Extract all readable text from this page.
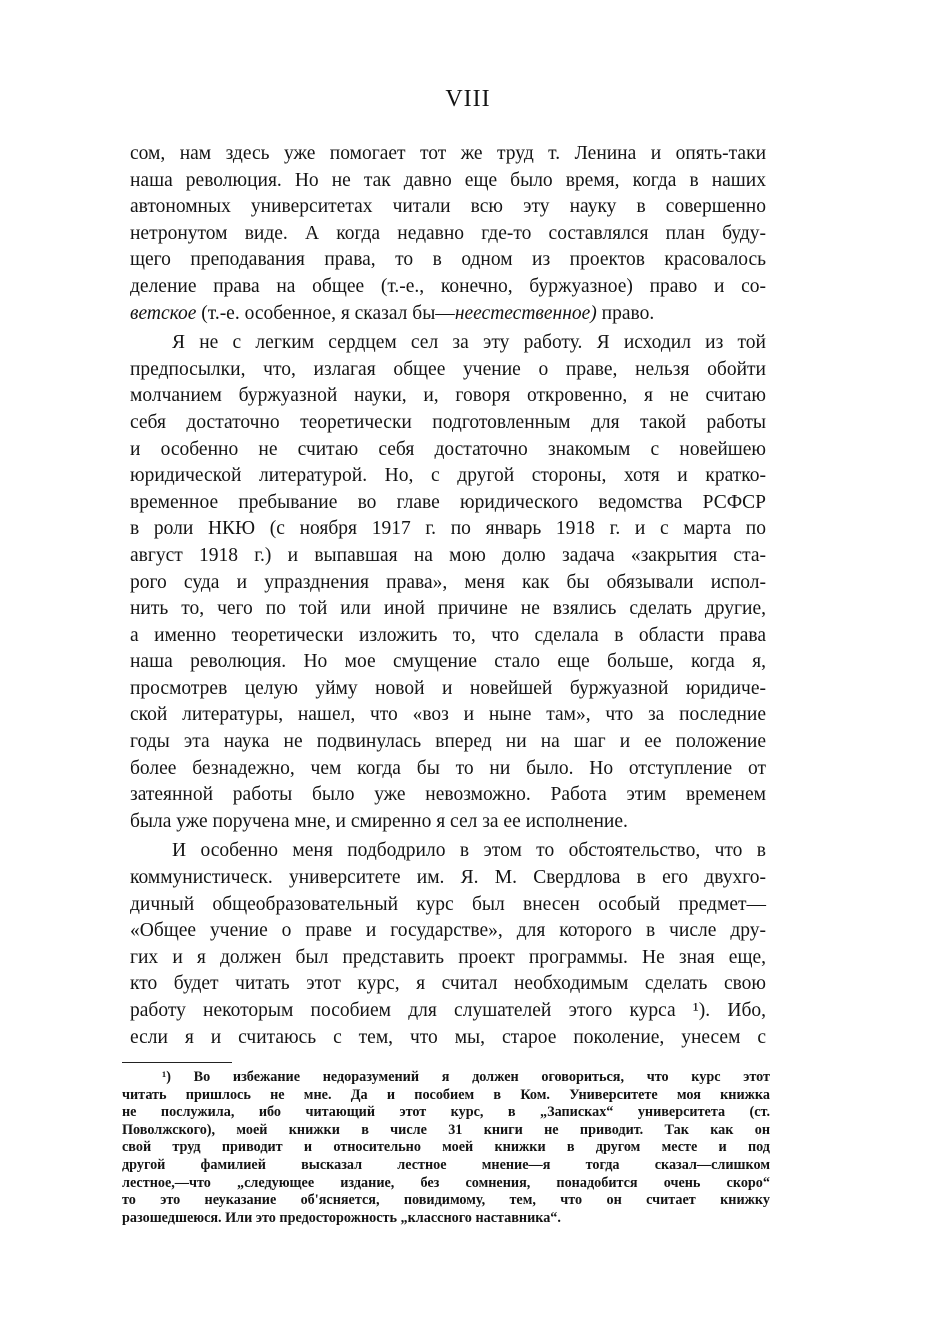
VIII
сом, нам здесь уже помогает тот же труд т. Ленина и опять-таки
наша революция. Но не так давно еще было время, когда в наших
автономных университетах читали всю эту науку в совершенно
нетронутом виде. А когда недавно где-то составлялся план буду-
щего преподавания права, то в одном из проектов красовалось
деление права на общее (т.-е., конечно, буржуазное) право и со-
ветское (т.-е. особенное, я сказал бы—неестественное) право.
Я не с легким сердцем сел за эту работу. Я исходил из той
предпосылки, что, излагая общее учение о праве, нельзя обойти
молчанием буржуазной науки, и, говоря откровенно, я не считаю
себя достаточно теоретически подготовленным для такой работы
и особенно не считаю себя достаточно знакомым с новейшею
юридической литературой. Но, с другой стороны, хотя и кратко-
временное пребывание во главе юридического ведомства РСФСР
в роли НКЮ (с ноября 1917 г. по январь 1918 г. и с марта по
август 1918 г.) и выпавшая на мою долю задача «закрытия ста-
рого суда и упразднения права», меня как бы обязывали испол-
нить то, чего по той или иной причине не взялись сделать другие,
а именно теоретически изложить то, что сделала в области права
наша революция. Но мое смущение стало еще больше, когда я,
просмотрев целую уйму новой и новейшей буржуазной юридиче-
ской литературы, нашел, что «воз и ныне там», что за последние
годы эта наука не подвинулась вперед ни на шаг и ее положение
более безнадежно, чем когда бы то ни было. Но отступление от
затеянной работы было уже невозможно. Работа этим временем
была уже поручена мне, и смиренно я сел за ее исполнение.
И особенно меня подбодрило в этом то обстоятельство, что в
коммунистическ. университете им. Я. М. Свердлова в его двухго-
дичный общеобразовательный курс был внесен особый предмет—
«Общее учение о праве и государстве», для которого в числе дру-
гих и я должен был представить проект программы. Не зная еще,
кто будет читать этот курс, я считал необходимым сделать свою
работу некоторым пособием для слушателей этого курса ¹). Ибо,
если я и считаюсь с тем, что мы, старое поколение, унесем с
¹) Во избежание недоразумений я должен оговориться, что курс этот
читать пришлось не мне. Да и пособием в Ком. Университете моя книжка
не послужила, ибо читающий этот курс, в „Записках“ университета (ст.
Поволжского), моей книжки в числе 31 книги не приводит. Так как он
свой труд приводит и относительно моей книжки в другом месте и под
другой фамилией высказал лестное мнение—я тогда сказал—слишком
лестное,—что „следующее издание, без сомнения, понадобится очень скоро“
то это неуказание об'ясняется, повидимому, тем, что он считает книжку
разошедшеюся. Или это предосторожность „классного наставника“.
